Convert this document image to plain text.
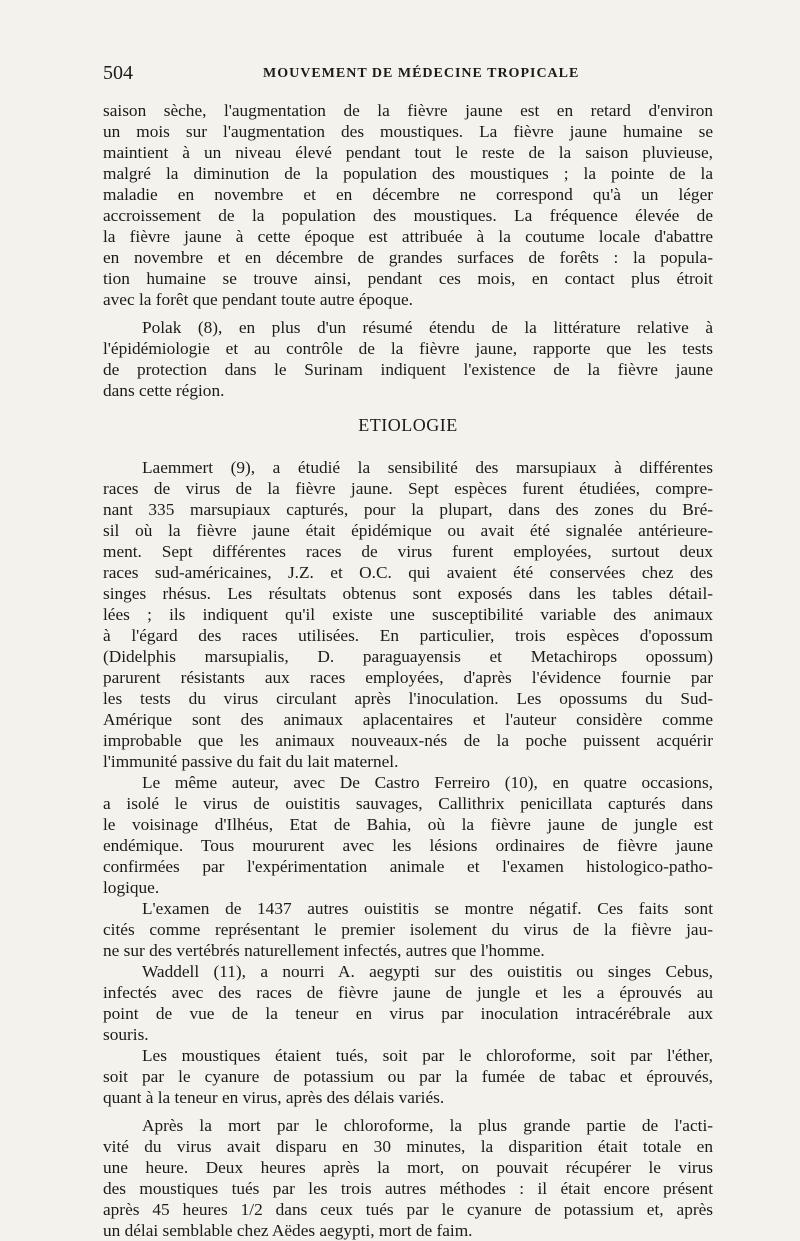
504	MOUVEMENT DE MÉDECINE TROPICALE
saison sèche, l'augmentation de la fièvre jaune est en retard d'environ
un mois sur l'augmentation des moustiques. La fièvre jaune humaine se
maintient à un niveau élevé pendant tout le reste de la saison pluvieuse,
malgré la diminution de la population des moustiques ; la pointe de la
maladie en novembre et en décembre ne correspond qu'à un léger
accroissement de la population des moustiques. La fréquence élevée de
la fièvre jaune à cette époque est attribuée à la coutume locale d'abattre
en novembre et en décembre de grandes surfaces de forêts : la popula-
tion humaine se trouve ainsi, pendant ces mois, en contact plus étroit
avec la forêt que pendant toute autre époque.
Polak (8), en plus d'un résumé étendu de la littérature relative à
l'épidémiologie et au contrôle de la fièvre jaune, rapporte que les tests
de protection dans le Surinam indiquent l'existence de la fièvre jaune
dans cette région.
ETIOLOGIE
Laemmert (9), a étudié la sensibilité des marsupiaux à différentes
races de virus de la fièvre jaune. Sept espèces furent étudiées, compre-
nant 335 marsupiaux capturés, pour la plupart, dans des zones du Bré-
sil où la fièvre jaune était épidémique ou avait été signalée antérieure-
ment. Sept différentes races de virus furent employées, surtout deux
races sud-américaines, J.Z. et O.C. qui avaient été conservées chez des
singes rhésus. Les résultats obtenus sont exposés dans les tables détail-
lées ; ils indiquent qu'il existe une susceptibilité variable des animaux
à l'égard des races utilisées. En particulier, trois espèces d'opossum
(Didelphis marsupialis, D. paraguayensis et Metachirops opossum)
parurent résistants aux races employées, d'après l'évidence fournie par
les tests du virus circulant après l'inoculation. Les opossums du Sud-
Amérique sont des animaux aplacentaires et l'auteur considère comme
improbable que les animaux nouveaux-nés de la poche puissent acquérir
l'immunité passive du fait du lait maternel.
Le même auteur, avec De Castro Ferreiro (10), en quatre occasions,
a isolé le virus de ouistitis sauvages, Callithrix penicillata capturés dans
le voisinage d'Ilhéus, Etat de Bahia, où la fièvre jaune de jungle est
endémique. Tous moururent avec les lésions ordinaires de fièvre jaune
confirmées par l'expérimentation animale et l'examen histologico-patho-
logique.
L'examen de 1437 autres ouistitis se montre négatif. Ces faits sont
cités comme représentant le premier isolement du virus de la fièvre jau-
ne sur des vertébrés naturellement infectés, autres que l'homme.
Waddell (11), a nourri A. aegypti sur des ouistitis ou singes Cebus,
infectés avec des races de fièvre jaune de jungle et les a éprouvés au
point de vue de la teneur en virus par inoculation intracérébrale aux
souris.
Les moustiques étaient tués, soit par le chloroforme, soit par l'éther,
soit par le cyanure de potassium ou par la fumée de tabac et éprouvés,
quant à la teneur en virus, après des délais variés.
Après la mort par le chloroforme, la plus grande partie de l'acti-
vité du virus avait disparu en 30 minutes, la disparition était totale en
une heure. Deux heures après la mort, on pouvait récupérer le virus
des moustiques tués par les trois autres méthodes : il était encore présent
après 45 heures 1/2 dans ceux tués par le cyanure de potassium et, après
un délai semblable chez Aëdes aegypti, mort de faim.
